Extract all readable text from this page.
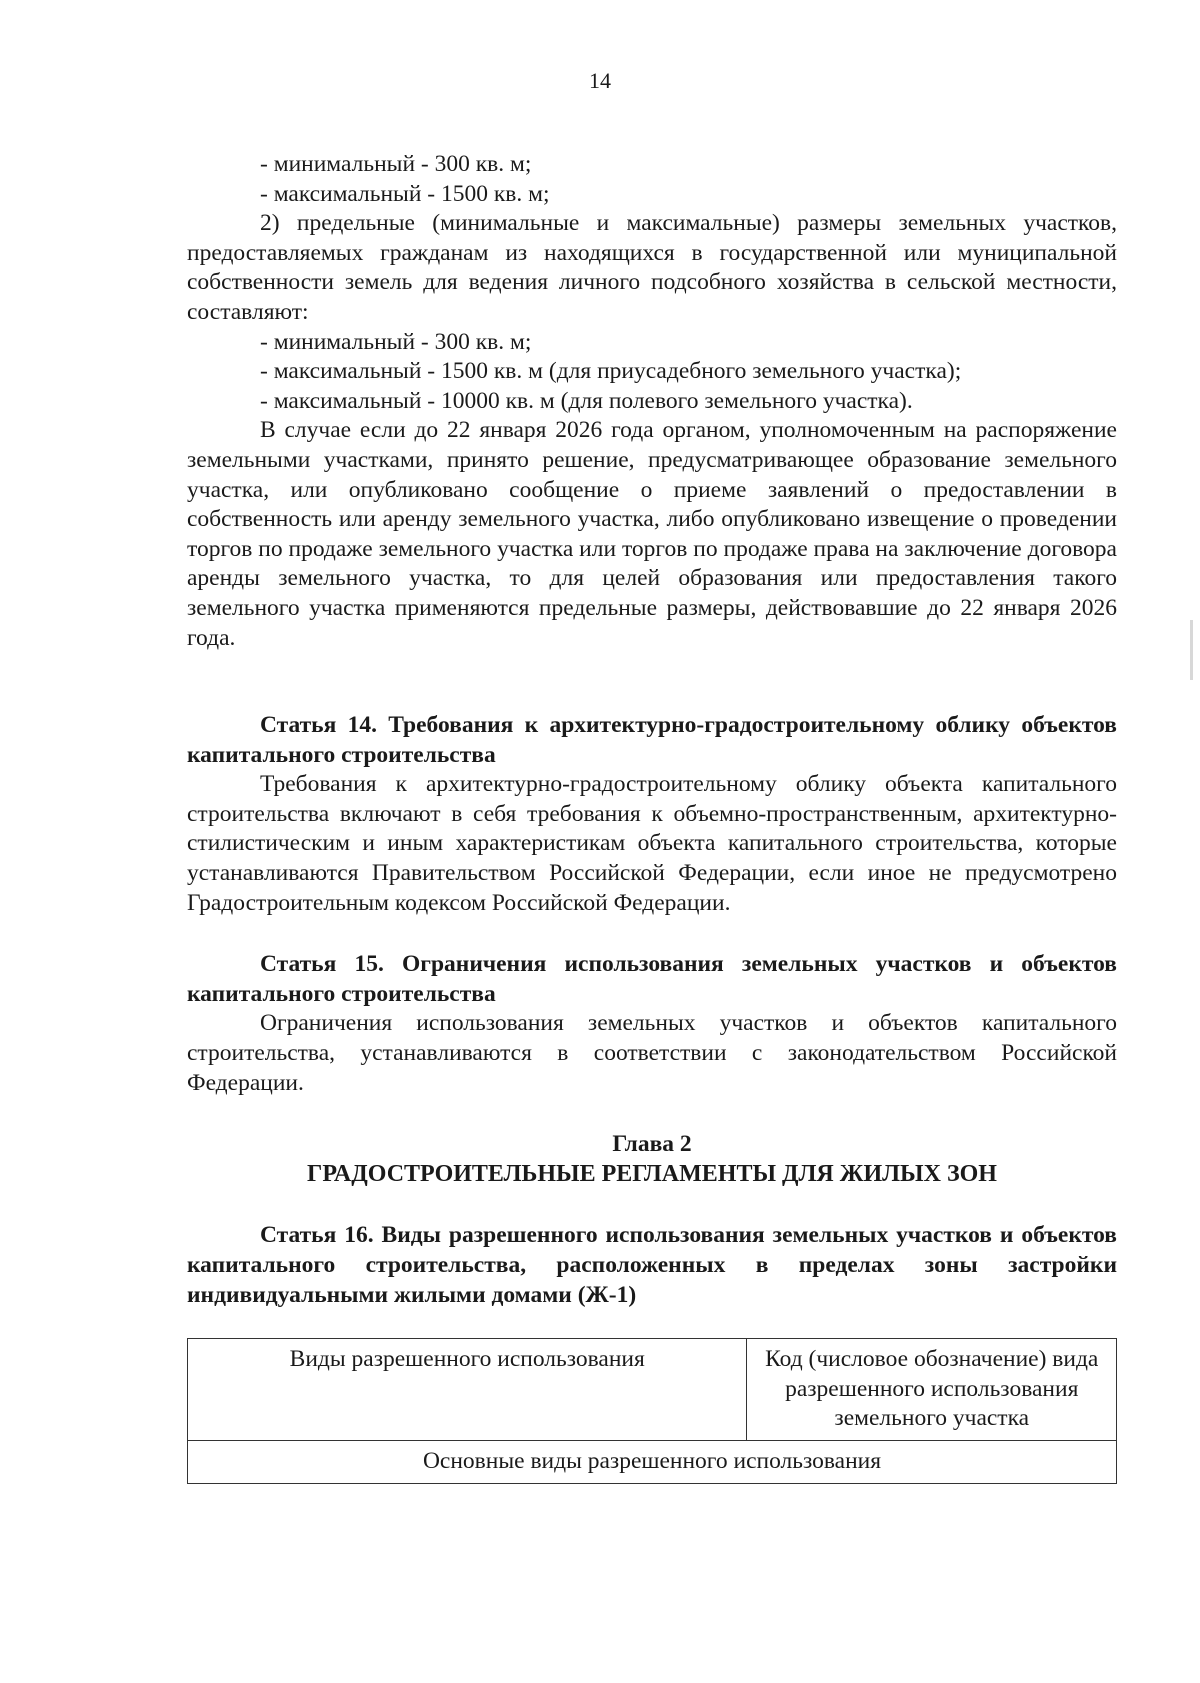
14

- минимальный - 300 кв. м;

- максимальный - 1500 кв. м;

2) предельные (минимальные и максимальные) размеры земельных участков, предоставляемых гражданам из находящихся в государственной или муниципальной собственности земель для ведения личного подсобного хозяйства в сельской местности, составляют:

- минимальный - 300 кв. м;

- максимальный - 1500 кв. м (для приусадебного земельного участка);

- максимальный - 10000 кв. м (для полевого земельного участка).

В случае если до 22 января 2026 года органом, уполномоченным на распоряжение земельными участками, принято решение, предусматривающее образование земельного участка, или опубликовано сообщение о приеме заявлений о предоставлении в собственность или аренду земельного участка, либо опубликовано извещение о проведении торгов по продаже земельного участка или торгов по продаже права на заключение договора аренды земельного участка, то для целей образования или предоставления такого земельного участка применяются предельные размеры, действовавшие до 22 января 2026 года.

Статья 14. Требования к архитектурно-градостроительному облику объектов капитального строительства

Требования к архитектурно-градостроительному облику объекта капитального строительства включают в себя требования к объемно-пространственным, архитектурно-стилистическим и иным характеристикам объекта капитального строительства, которые устанавливаются Правительством Российской Федерации, если иное не предусмотрено Градостроительным кодексом Российской Федерации.

Статья 15. Ограничения использования земельных участков и объектов капитального строительства

Ограничения использования земельных участков и объектов капитального строительства, устанавливаются в соответствии с законодательством Российской Федерации.

Глава 2

ГРАДОСТРОИТЕЛЬНЫЕ РЕГЛАМЕНТЫ ДЛЯ ЖИЛЫХ ЗОН

Статья 16. Виды разрешенного использования земельных участков и объектов капитального строительства, расположенных в пределах зоны застройки индивидуальными жилыми домами (Ж-1)

Виды разрешенного использования	Код (числовое обозначение) вида разрешенного использования земельного участка
Основные виды разрешенного использования
